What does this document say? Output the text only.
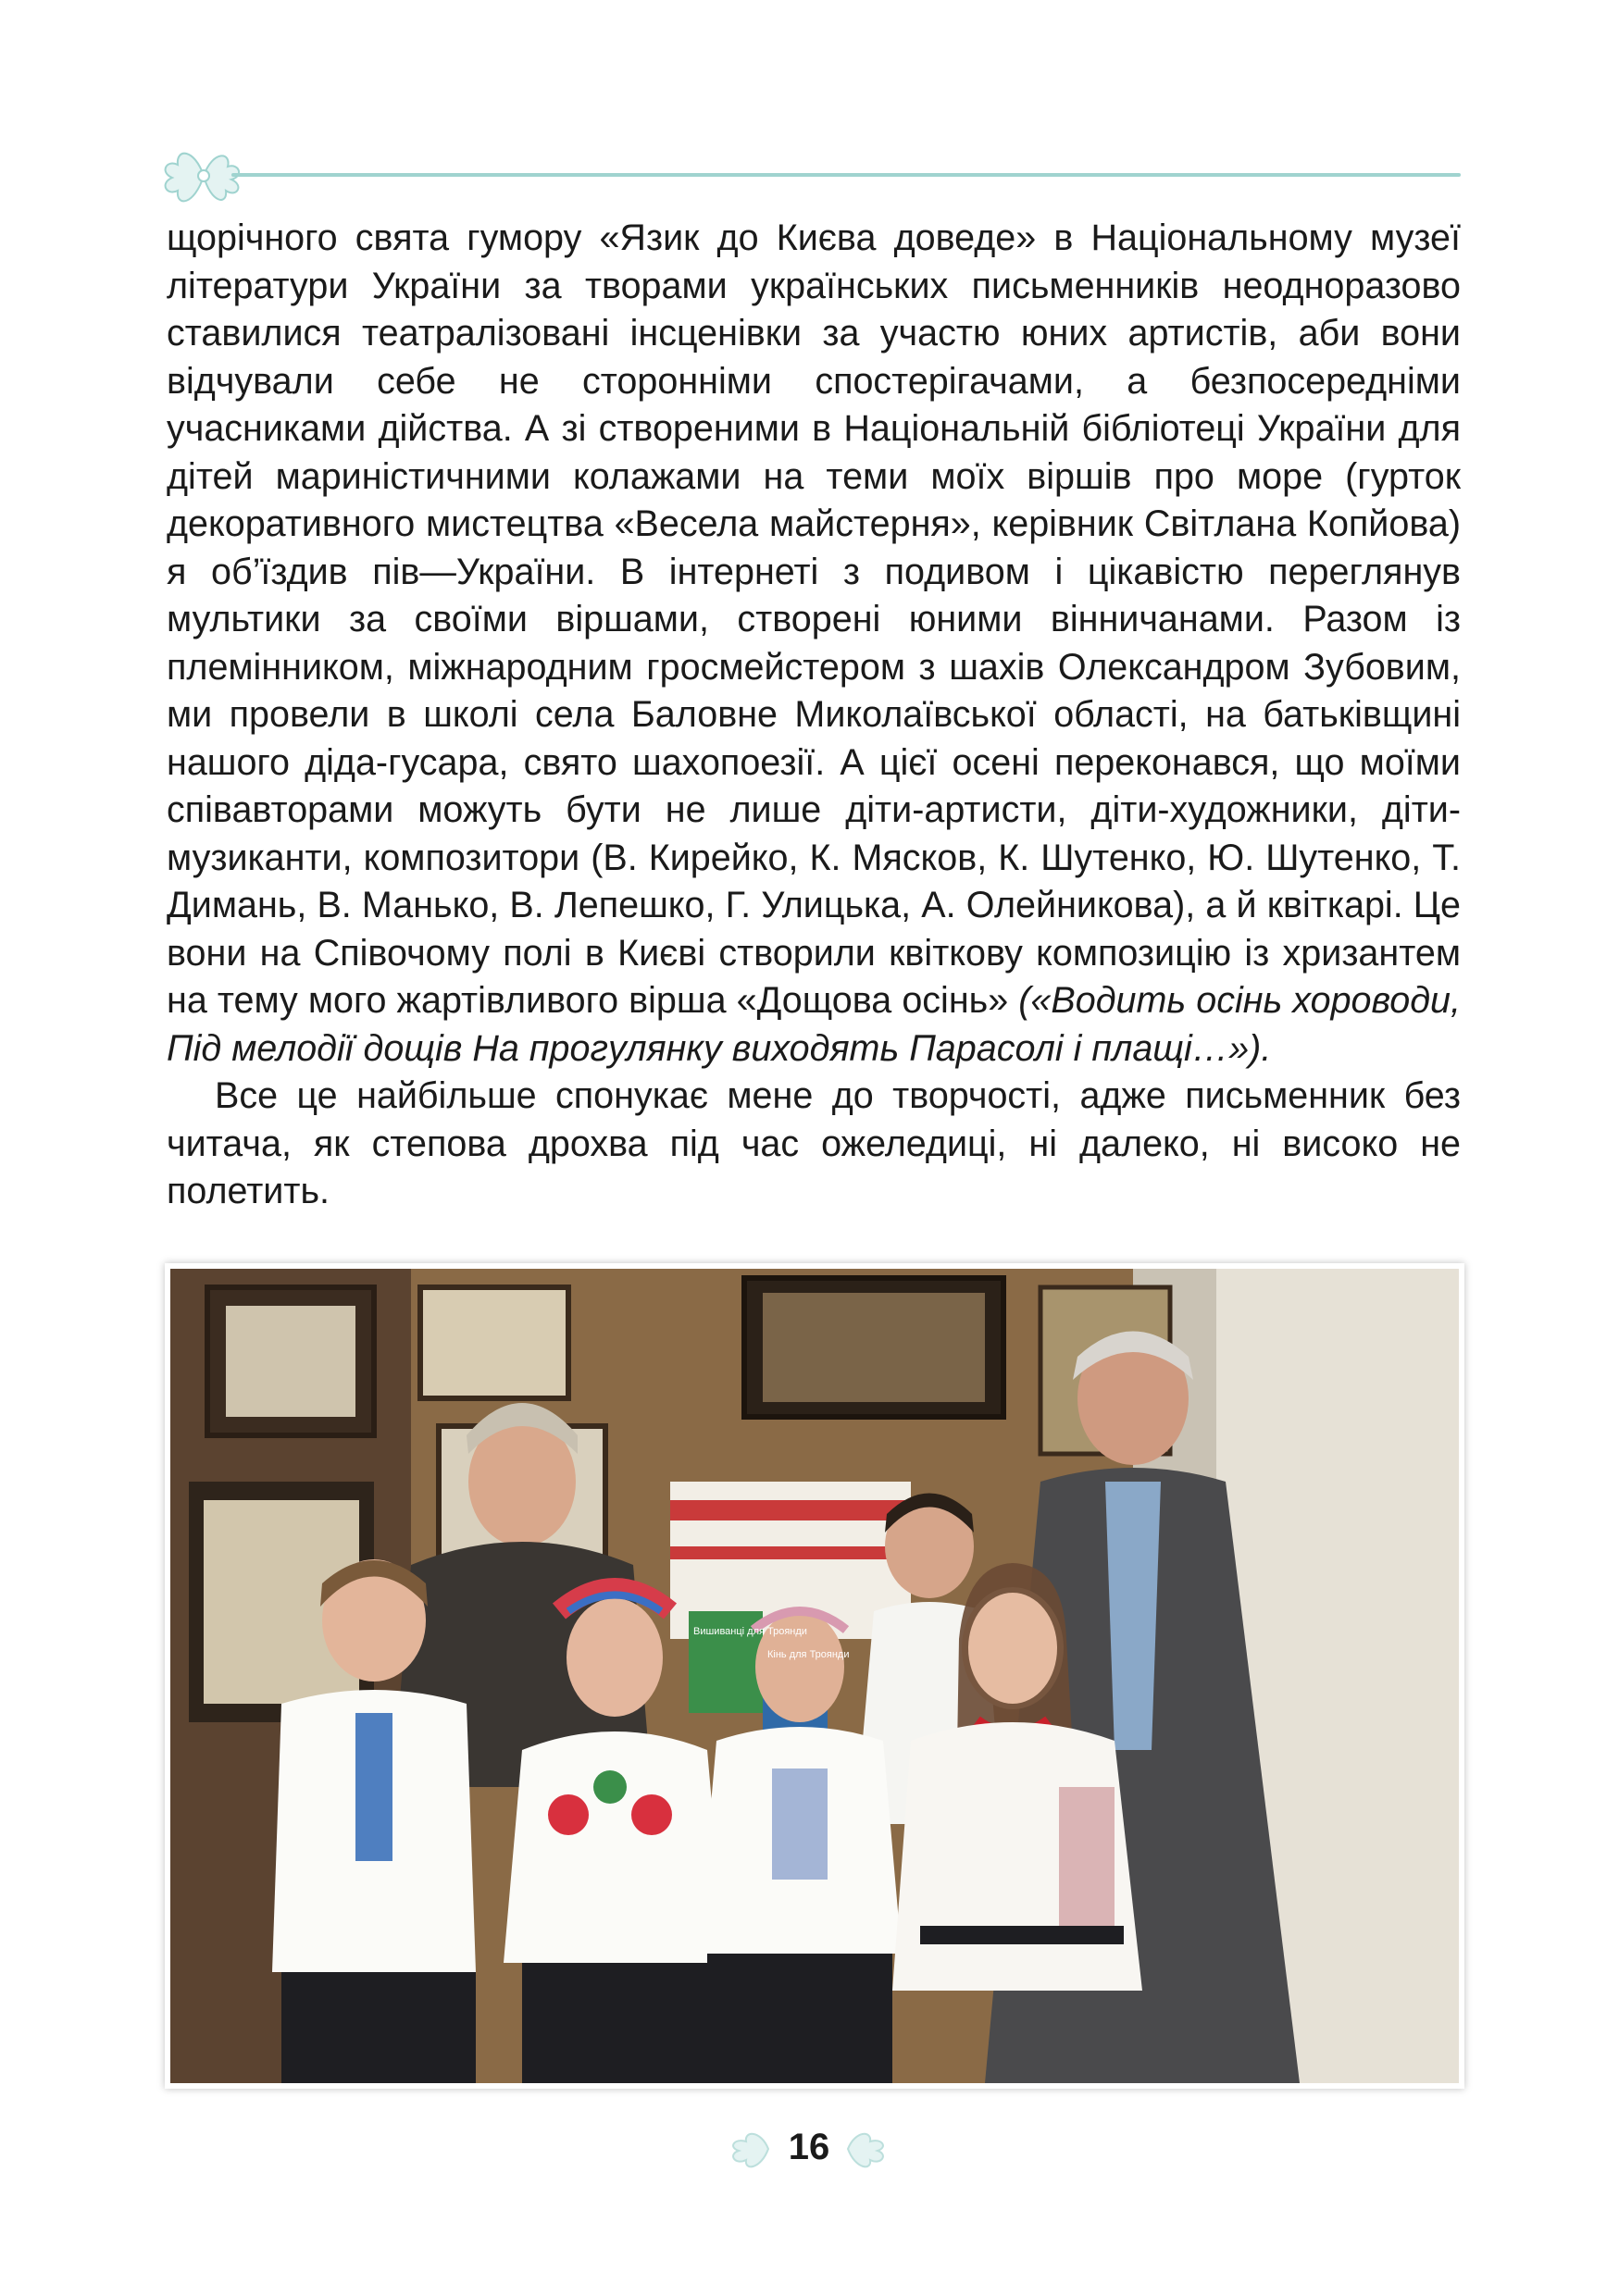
щорічного свята гумору «Язик до Києва доведе» в Національному музеї літератури України за творами українських письменників неодноразово ставилися театралізовані інсценівки за участю юних артистів, аби вони відчували себе не сторонніми спостерігачами, а безпосередніми учасниками дійства. А зі створеними в Національній бібліотеці України для дітей мариністичними колажами на теми моїх віршів про море (гурток декоративного мистецтва «Весела майстерня», керівник Світлана Копйова) я об’їздив пів—України. В інтернеті з подивом і цікавістю переглянув мультики за своїми віршами, створені юними вінничанами. Разом із племінником, міжнародним гросмейстером з шахів Олександром Зубовим, ми провели в школі села Баловне Миколаївської області, на батьківщині нашого діда-гусара, свято шахопоезії. А цієї осені переконався, що моїми співавторами можуть бути не лише діти-артисти, діти-художники, діти-музиканти, композитори (В. Кирейко, К. Мясков, К. Шутенко, Ю. Шутенко, Т. Димань, В. Манько, В. Лепешко, Г. Улицька, А. Олейникова), а й квіткарі. Це вони на Співочому полі в Києві створили квіткову композицію із хризантем на тему мого жартівливого вірша «Дощова осінь» («Водить осінь хороводи, Під мелодії дощів На прогулянку виходять Парасолі і плащі…»).

Все це найбільше спонукає мене до творчості, адже письменник без читача, як степова дрохва під час ожеледиці, ні далеко, ні високо не полетить.

Вишиванці для Троянди
Кінь для Троянди
16
